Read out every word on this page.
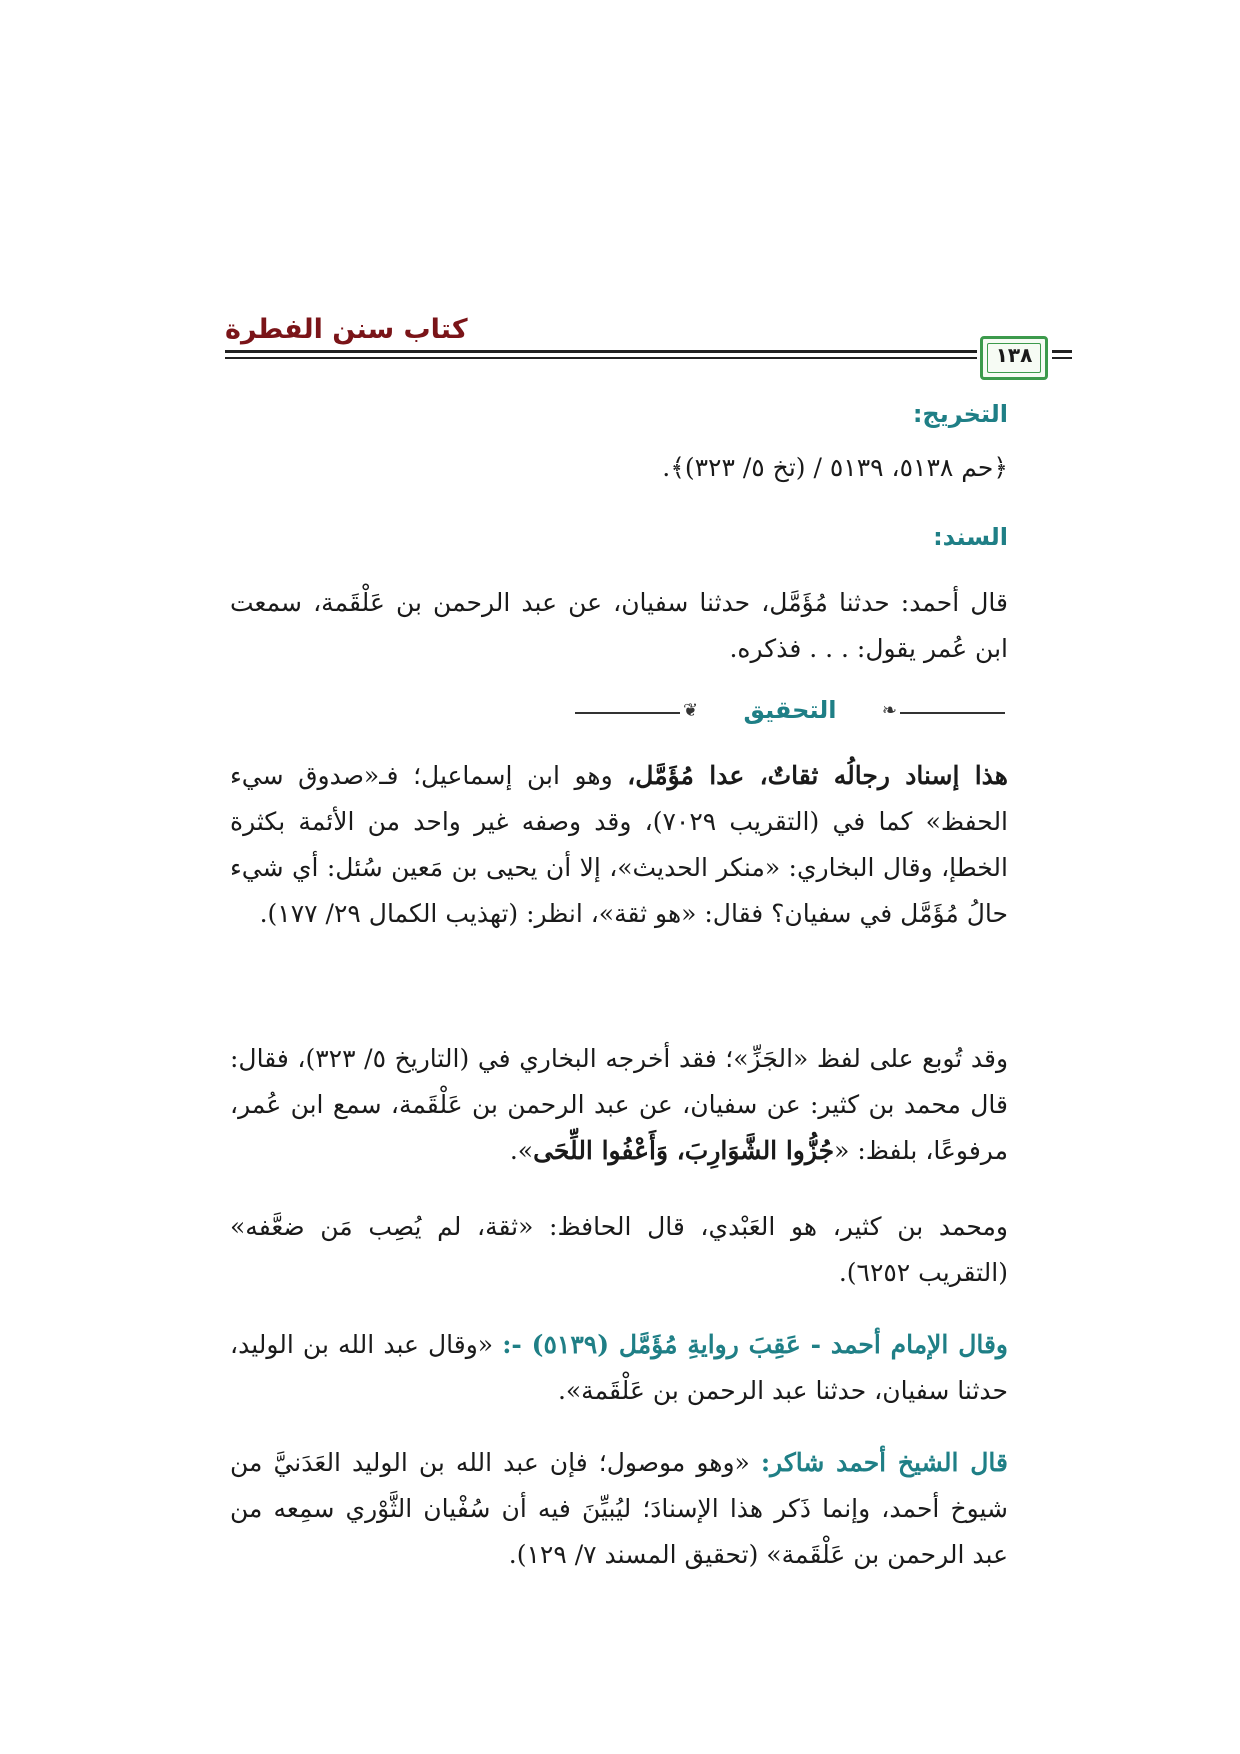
كتاب سنن الفطرة
١٣٨
التخريج:

﴿حم ٥١٣٨، ٥١٣٩ / (تخ ٥/ ٣٢٣)﴾.

السند:

قال أحمد: حدثنا مُؤَمَّل، حدثنا سفيان، عن عبد الرحمن بن عَلْقَمة، سمعت ابن عُمر يقول: . . . فذكره.

❦	❧
التحقيق

هذا إسناد رجالُه ثقاتٌ، عدا مُؤَمَّل، وهو ابن إسماعيل؛ فـ«صدوق سيء الحفظ» كما في (التقريب ٧٠٢٩)، وقد وصفه غير واحد من الأئمة بكثرة الخطإ، وقال البخاري: «منكر الحديث»، إلا أن يحيى بن مَعين سُئل: أي شيء حالُ مُؤَمَّل في سفيان؟ فقال: «هو ثقة»، انظر: (تهذيب الكمال ٢٩/ ١٧٧).

وقد تُوبع على لفظ «الجَزِّ»؛ فقد أخرجه البخاري في (التاريخ ٥/ ٣٢٣)، فقال: قال محمد بن كثير: عن سفيان، عن عبد الرحمن بن عَلْقَمة، سمع ابن عُمر، مرفوعًا، بلفظ: «جُزُّوا الشَّوَارِبَ، وَأَعْفُوا اللِّحَى».

ومحمد بن كثير، هو العَبْدي، قال الحافظ: «ثقة، لم يُصِب مَن ضعَّفه» (التقريب ٦٢٥٢).

وقال الإمام أحمد - عَقِبَ روايةِ مُؤَمَّل (٥١٣٩) -: «وقال عبد الله بن الوليد، حدثنا سفيان، حدثنا عبد الرحمن بن عَلْقَمة».

قال الشيخ أحمد شاكر: «وهو موصول؛ فإن عبد الله بن الوليد العَدَنيَّ من شيوخ أحمد، وإنما ذَكر هذا الإسنادَ؛ ليُبيِّنَ فيه أن سُفْيان الثَّوْري سمِعه من عبد الرحمن بن عَلْقَمة» (تحقيق المسند ٧/ ١٢٩).
